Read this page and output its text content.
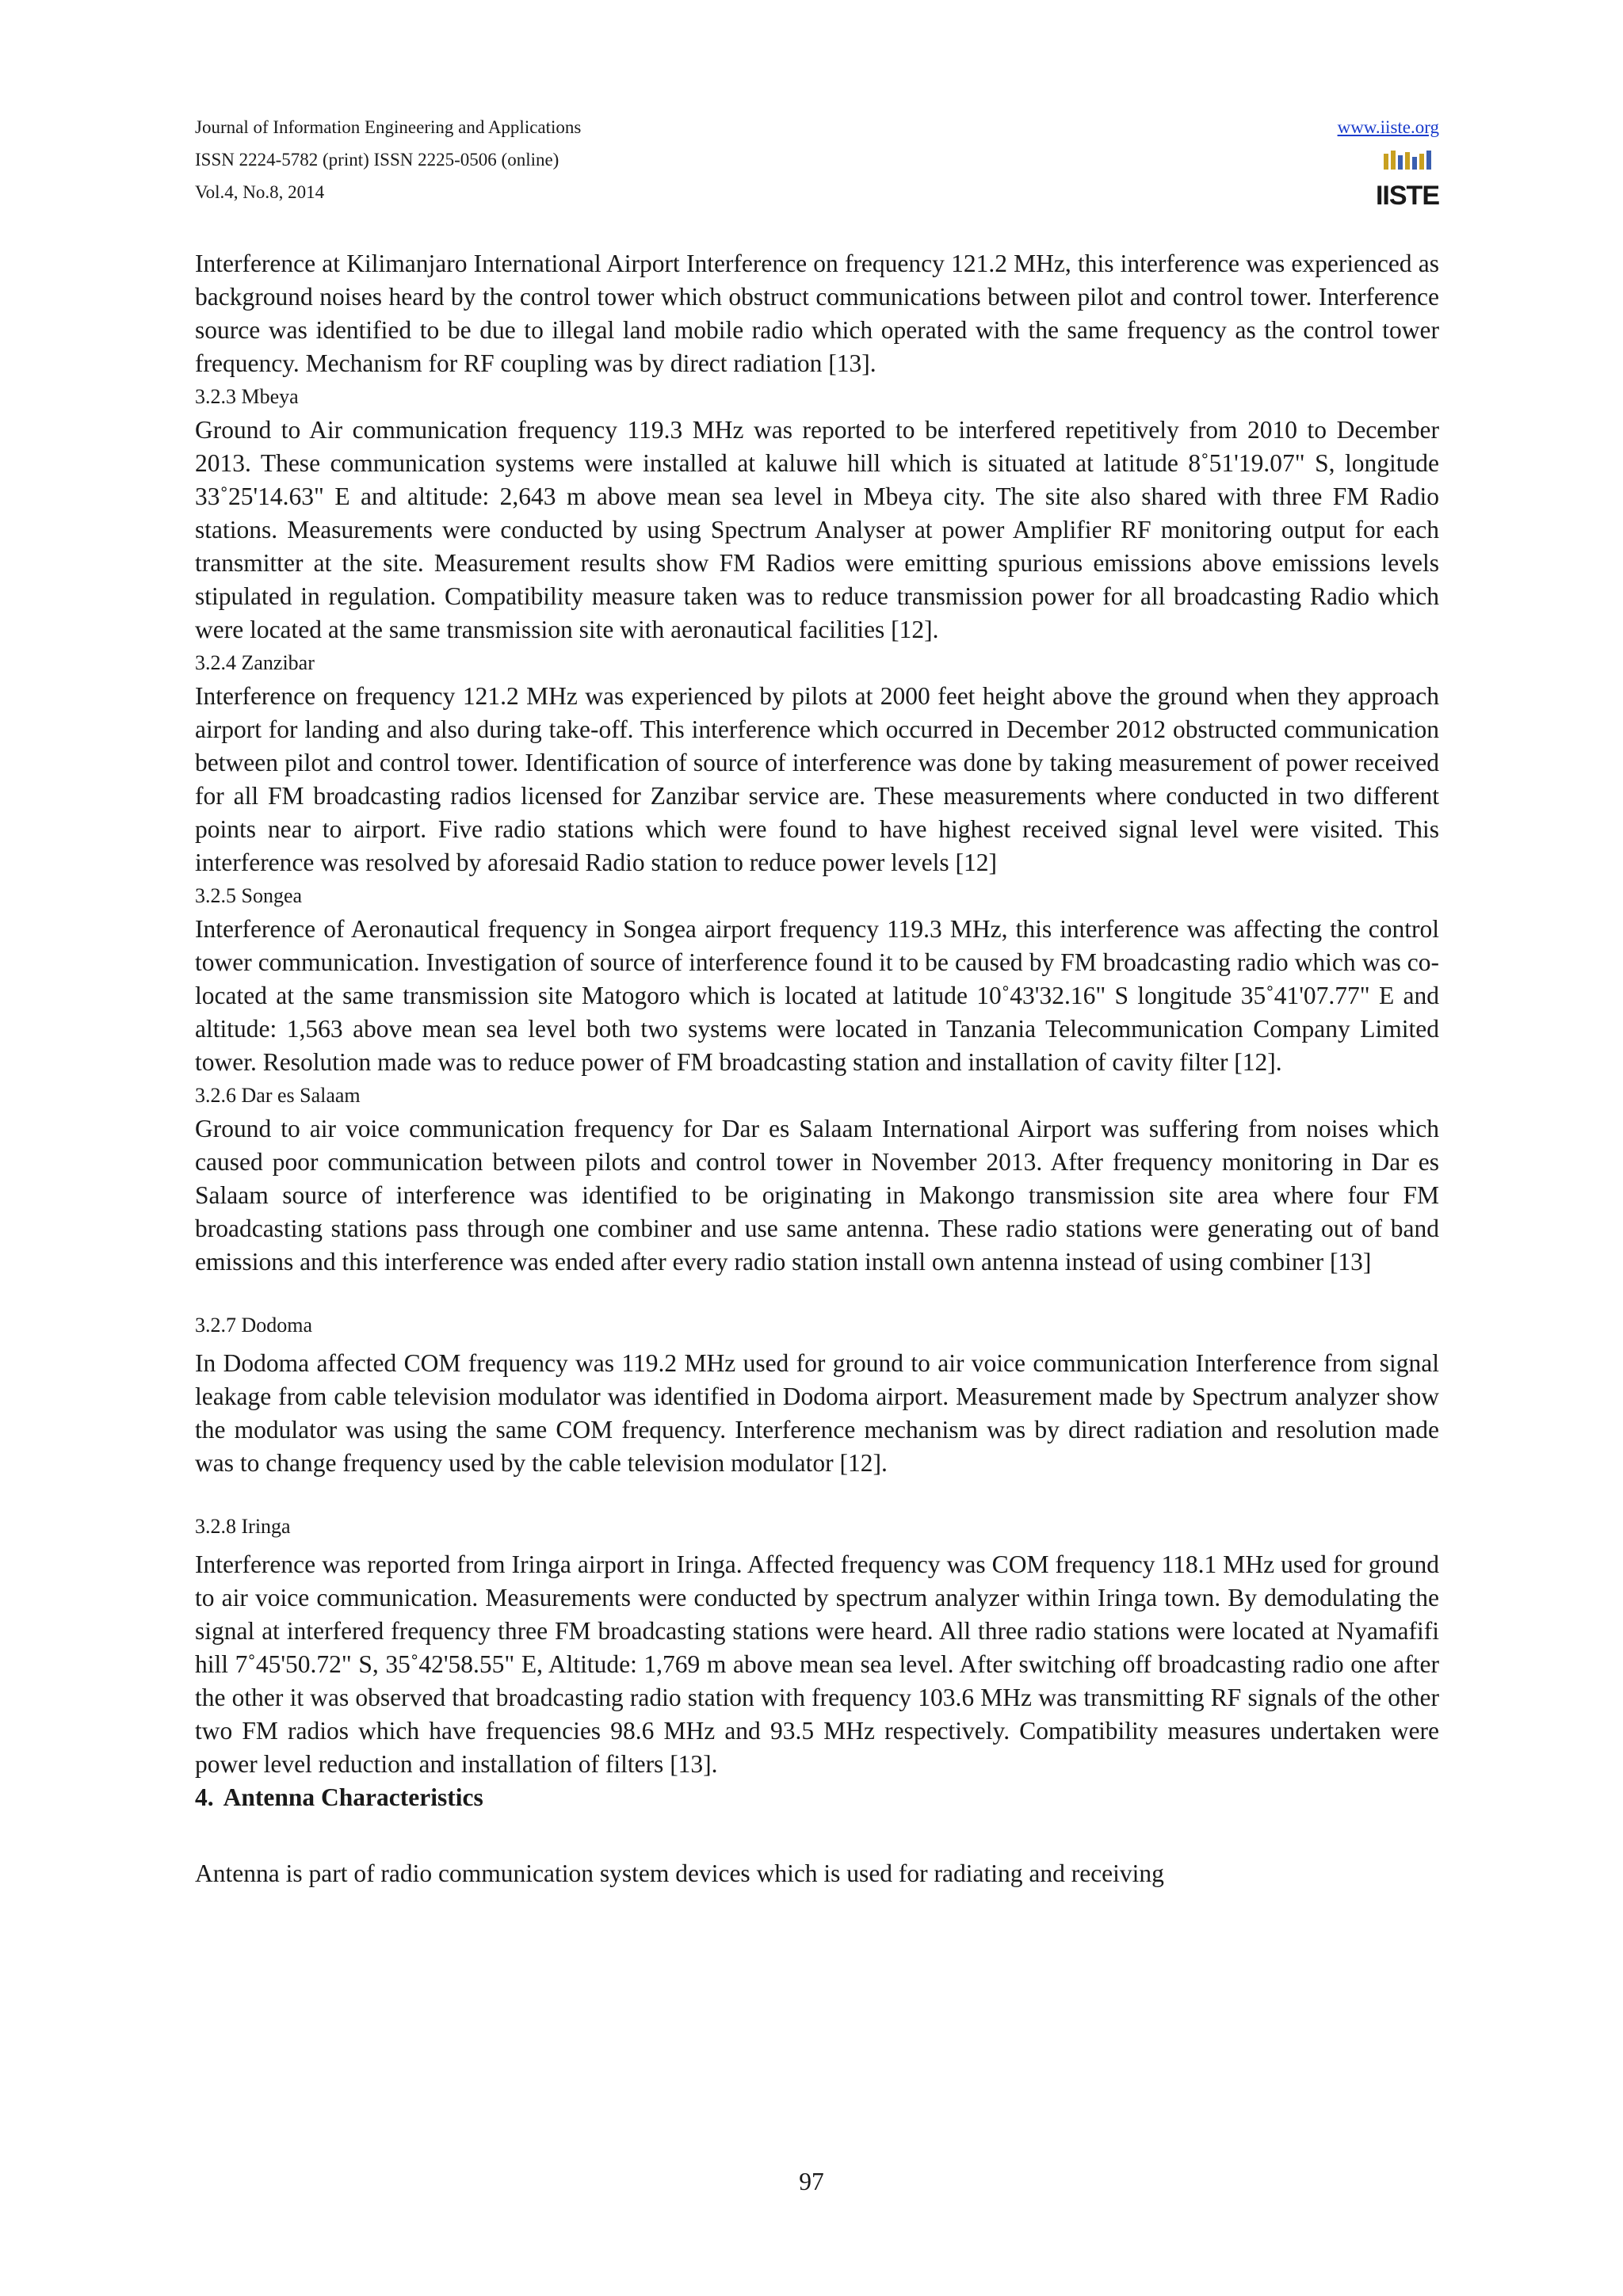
Journal of Information Engineering and Applications
ISSN 2224-5782 (print) ISSN 2225-0506 (online)
Vol.4, No.8, 2014
www.iiste.org
IISTE

Interference at Kilimanjaro International Airport Interference on frequency 121.2 MHz, this interference was experienced as background noises heard by the control tower which obstruct communications between pilot and control tower. Interference source was identified to be due to illegal land mobile radio which operated with the same frequency as the control tower frequency. Mechanism for RF coupling was by direct radiation [13].

3.2.3 Mbeya

Ground to Air communication frequency 119.3 MHz was reported to be interfered repetitively from 2010 to December 2013. These communication systems were installed at kaluwe hill which is situated at latitude 8˚51'19.07" S, longitude 33˚25'14.63" E and altitude: 2,643 m above mean sea level in Mbeya city. The site also shared with three FM Radio stations. Measurements were conducted by using Spectrum Analyser at power Amplifier RF monitoring output for each transmitter at the site. Measurement results show FM Radios were emitting spurious emissions above emissions levels stipulated in regulation. Compatibility measure taken was to reduce transmission power for all broadcasting Radio which were located at the same transmission site with aeronautical facilities [12].

3.2.4 Zanzibar

Interference on frequency 121.2 MHz was experienced by pilots at 2000 feet height above the ground when they approach airport for landing and also during take-off. This interference which occurred in December 2012 obstructed communication between pilot and control tower. Identification of source of interference was done by taking measurement of power received for all FM broadcasting radios licensed for Zanzibar service are. These measurements where conducted in two different points near to airport. Five radio stations which were found to have highest received signal level were visited. This interference was resolved by aforesaid Radio station to reduce power levels [12]

3.2.5 Songea

Interference of Aeronautical frequency in Songea airport frequency 119.3 MHz, this interference was affecting the control tower communication. Investigation of source of interference found it to be caused by FM broadcasting radio which was co-located at the same transmission site Matogoro which is located at latitude 10˚43'32.16" S longitude 35˚41'07.77" E and altitude: 1,563 above mean sea level both two systems were located in Tanzania Telecommunication Company Limited tower. Resolution made was to reduce power of FM broadcasting station and installation of cavity filter [12].

3.2.6 Dar es Salaam

Ground to air voice communication frequency for Dar es Salaam International Airport was suffering from noises which caused poor communication between pilots and control tower in November 2013. After frequency monitoring in Dar es Salaam source of interference was identified to be originating in Makongo transmission site area where four FM broadcasting stations pass through one combiner and use same antenna. These radio stations were generating out of band emissions and this interference was ended after every radio station install own antenna instead of using combiner [13]

3.2.7 Dodoma

In Dodoma affected COM frequency was 119.2 MHz used for ground to air voice communication Interference from signal leakage from cable television modulator was identified in Dodoma airport. Measurement made by Spectrum analyzer show the modulator was using the same COM frequency. Interference mechanism was by direct radiation and resolution made was to change frequency used by the cable television modulator [12].

3.2.8 Iringa

Interference was reported from Iringa airport in Iringa. Affected frequency was COM frequency 118.1 MHz used for ground to air voice communication. Measurements were conducted by spectrum analyzer within Iringa town. By demodulating the signal at interfered frequency three FM broadcasting stations were heard. All three radio stations were located at Nyamafifi hill 7˚45'50.72" S, 35˚42'58.55" E, Altitude: 1,769 m above mean sea level. After switching off broadcasting radio one after the other it was observed that broadcasting radio station with frequency 103.6 MHz was transmitting RF signals of the other two FM radios which have frequencies 98.6 MHz and 93.5 MHz respectively. Compatibility measures undertaken were power level reduction and installation of filters [13].

4. Antenna Characteristics

Antenna is part of radio communication system devices which is used for radiating and receiving

97
